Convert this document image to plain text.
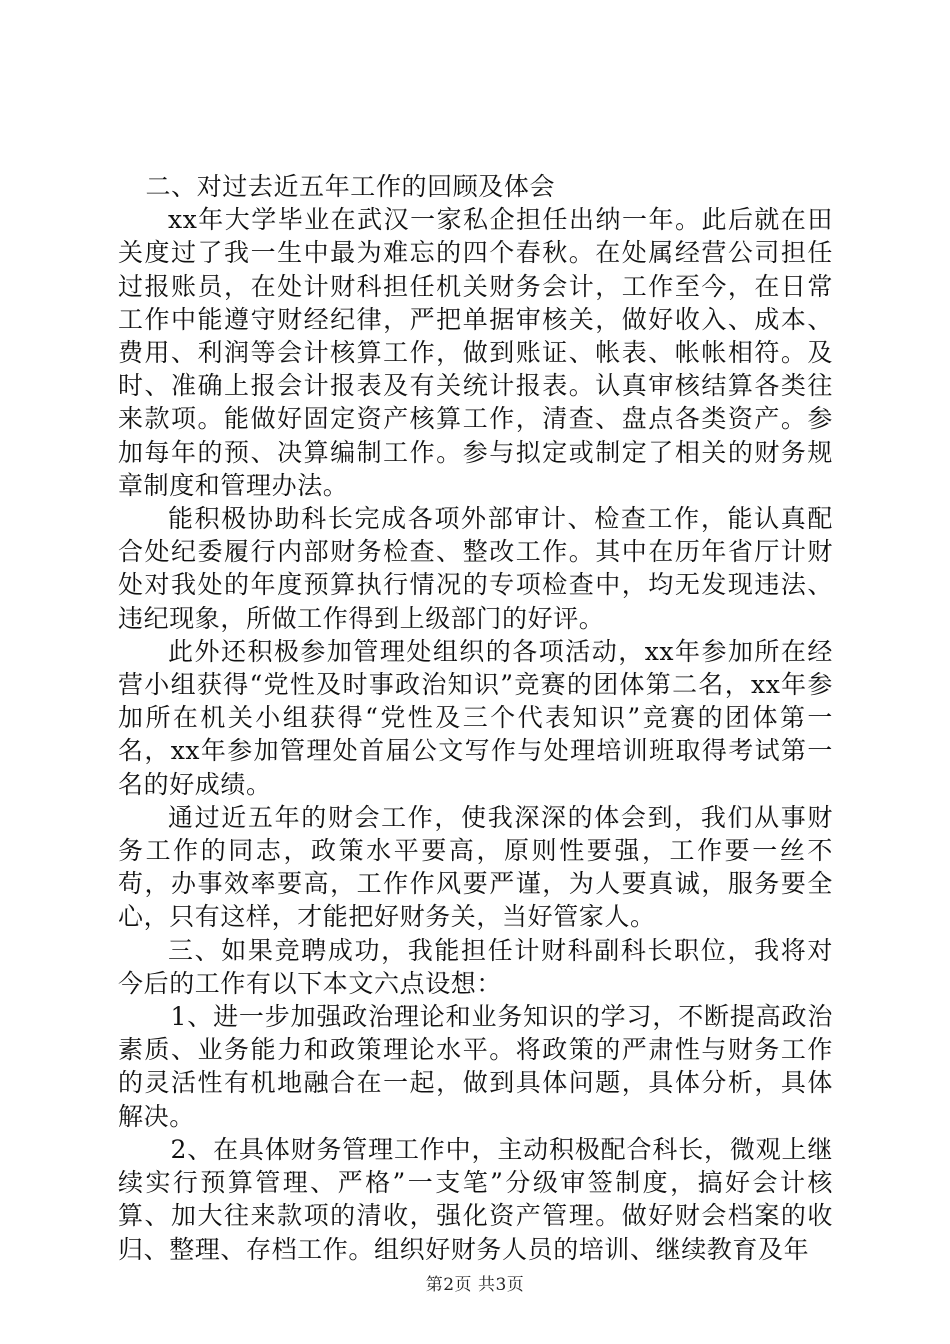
二、对过去近五年工作的回顾及体会

xx年大学毕业在武汉一家私企担任出纳一年。此后就在田关度过了我一生中最为难忘的四个春秋。在处属经营公司担任过报账员，在处计财科担任机关财务会计，工作至今，在日常工作中能遵守财经纪律，严把单据审核关，做好收入、成本、费用、利润等会计核算工作，做到账证、帐表、帐帐相符。及时、准确上报会计报表及有关统计报表。认真审核结算各类往来款项。能做好固定资产核算工作，清查、盘点各类资产。参加每年的预、决算编制工作。参与拟定或制定了相关的财务规章制度和管理办法。

能积极协助科长完成各项外部审计、检查工作，能认真配合处纪委履行内部财务检查、整改工作。其中在历年省厅计财处对我处的年度预算执行情况的专项检查中，均无发现违法、违纪现象，所做工作得到上级部门的好评。

此外还积极参加管理处组织的各项活动，xx年参加所在经营小组获得“党性及时事政治知识”竞赛的团体第二名，xx年参加所在机关小组获得“党性及三个代表知识”竞赛的团体第一名，xx年参加管理处首届公文写作与处理培训班取得考试第一名的好成绩。

通过近五年的财会工作，使我深深的体会到，我们从事财务工作的同志，政策水平要高，原则性要强，工作要一丝不苟，办事效率要高，工作作风要严谨，为人要真诚，服务要全心，只有这样，才能把好财务关，当好管家人。

三、如果竞聘成功，我能担任计财科副科长职位，我将对今后的工作有以下本文六点设想：

1、进一步加强政治理论和业务知识的学习，不断提高政治素质、业务能力和政策理论水平。将政策的严肃性与财务工作的灵活性有机地融合在一起，做到具体问题，具体分析，具体解决。

2、在具体财务管理工作中，主动积极配合科长，微观上继续实行预算管理、严格”一支笔”分级审签制度，搞好会计核算、加大往来款项的清收，强化资产管理。做好财会档案的收归、整理、存档工作。组织好财务人员的培训、继续教育及年

第2页 共3页
